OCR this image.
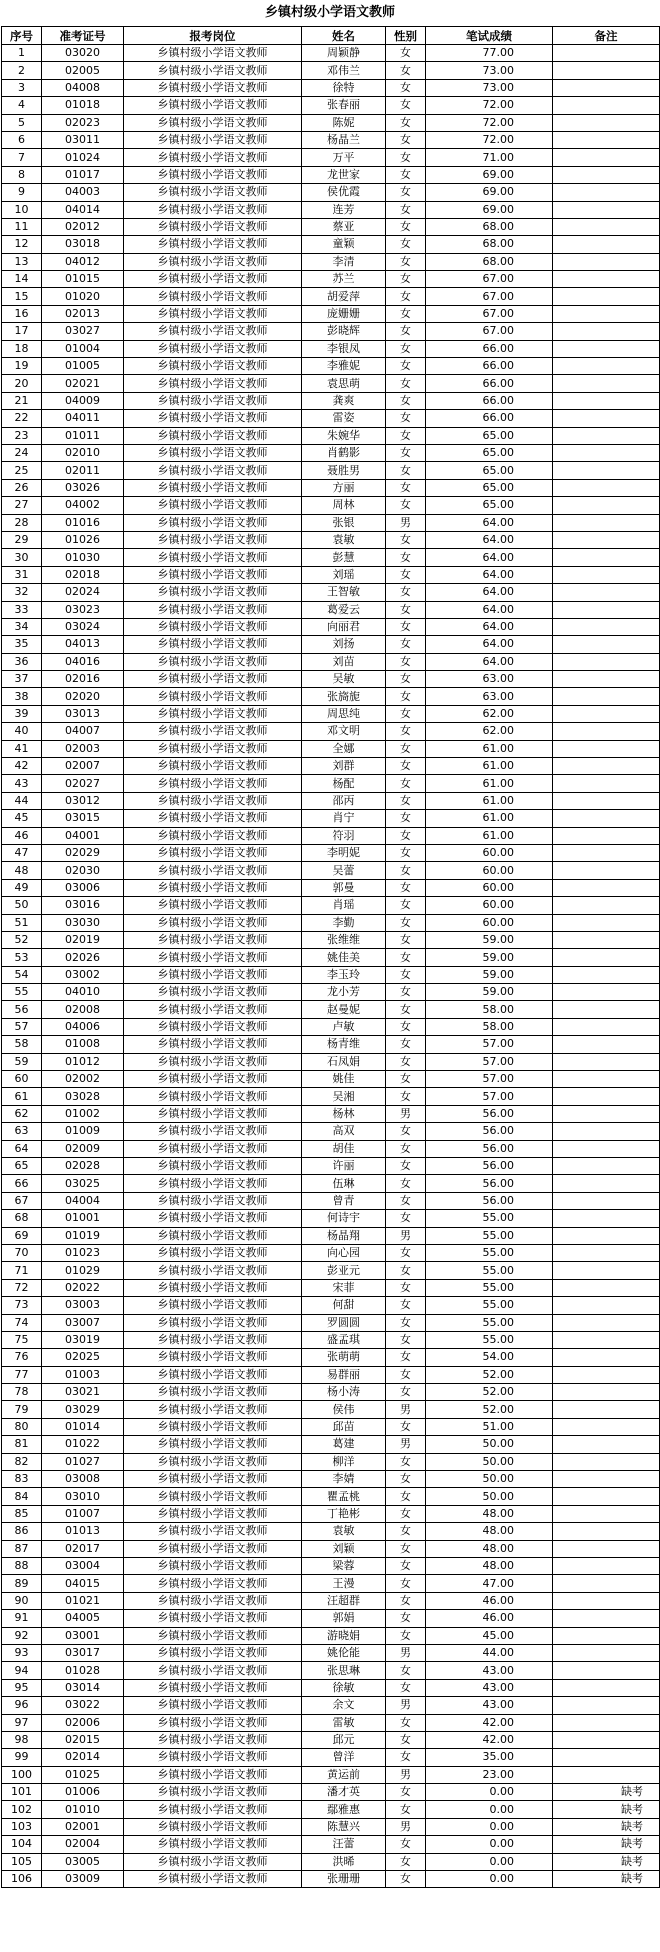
乡镇村级小学语文教师
序号	准考证号	报考岗位	姓名	性别	笔试成绩	备注
1	03020	乡镇村级小学语文教师	周颖静	女	77.00	
2	02005	乡镇村级小学语文教师	邓伟兰	女	73.00	
3	04008	乡镇村级小学语文教师	徐特	女	73.00	
4	01018	乡镇村级小学语文教师	张春丽	女	72.00	
5	02023	乡镇村级小学语文教师	陈妮	女	72.00	
6	03011	乡镇村级小学语文教师	杨晶兰	女	72.00	
7	01024	乡镇村级小学语文教师	万平	女	71.00	
8	01017	乡镇村级小学语文教师	龙世家	女	69.00	
9	04003	乡镇村级小学语文教师	侯优霞	女	69.00	
10	04014	乡镇村级小学语文教师	连芳	女	69.00	
11	02012	乡镇村级小学语文教师	蔡亚	女	68.00	
12	03018	乡镇村级小学语文教师	童颖	女	68.00	
13	04012	乡镇村级小学语文教师	李清	女	68.00	
14	01015	乡镇村级小学语文教师	苏兰	女	67.00	
15	01020	乡镇村级小学语文教师	胡爱萍	女	67.00	
16	02013	乡镇村级小学语文教师	庞姗姗	女	67.00	
17	03027	乡镇村级小学语文教师	彭晓辉	女	67.00	
18	01004	乡镇村级小学语文教师	李银凤	女	66.00	
19	01005	乡镇村级小学语文教师	李雅妮	女	66.00	
20	02021	乡镇村级小学语文教师	袁思萌	女	66.00	
21	04009	乡镇村级小学语文教师	龚爽	女	66.00	
22	04011	乡镇村级小学语文教师	雷姿	女	66.00	
23	01011	乡镇村级小学语文教师	朱婉华	女	65.00	
24	02010	乡镇村级小学语文教师	肖鹤影	女	65.00	
25	02011	乡镇村级小学语文教师	聂胜男	女	65.00	
26	03026	乡镇村级小学语文教师	方丽	女	65.00	
27	04002	乡镇村级小学语文教师	周林	女	65.00	
28	01016	乡镇村级小学语文教师	张银	男	64.00	
29	01026	乡镇村级小学语文教师	袁敏	女	64.00	
30	01030	乡镇村级小学语文教师	彭慧	女	64.00	
31	02018	乡镇村级小学语文教师	刘瑶	女	64.00	
32	02024	乡镇村级小学语文教师	王智敏	女	64.00	
33	03023	乡镇村级小学语文教师	葛爱云	女	64.00	
34	03024	乡镇村级小学语文教师	向丽君	女	64.00	
35	04013	乡镇村级小学语文教师	刘扬	女	64.00	
36	04016	乡镇村级小学语文教师	刘苗	女	64.00	
37	02016	乡镇村级小学语文教师	吴敏	女	63.00	
38	02020	乡镇村级小学语文教师	张旖旎	女	63.00	
39	03013	乡镇村级小学语文教师	周思纯	女	62.00	
40	04007	乡镇村级小学语文教师	邓文明	女	62.00	
41	02003	乡镇村级小学语文教师	全娜	女	61.00	
42	02007	乡镇村级小学语文教师	刘群	女	61.00	
43	02027	乡镇村级小学语文教师	杨配	女	61.00	
44	03012	乡镇村级小学语文教师	邵丙	女	61.00	
45	03015	乡镇村级小学语文教师	肖宁	女	61.00	
46	04001	乡镇村级小学语文教师	符羽	女	61.00	
47	02029	乡镇村级小学语文教师	李明妮	女	60.00	
48	02030	乡镇村级小学语文教师	吴蕾	女	60.00	
49	03006	乡镇村级小学语文教师	郭曼	女	60.00	
50	03016	乡镇村级小学语文教师	肖瑶	女	60.00	
51	03030	乡镇村级小学语文教师	李勤	女	60.00	
52	02019	乡镇村级小学语文教师	张维维	女	59.00	
53	02026	乡镇村级小学语文教师	姚佳美	女	59.00	
54	03002	乡镇村级小学语文教师	李玉玲	女	59.00	
55	04010	乡镇村级小学语文教师	龙小芳	女	59.00	
56	02008	乡镇村级小学语文教师	赵曼妮	女	58.00	
57	04006	乡镇村级小学语文教师	卢敏	女	58.00	
58	01008	乡镇村级小学语文教师	杨青维	女	57.00	
59	01012	乡镇村级小学语文教师	石凤娟	女	57.00	
60	02002	乡镇村级小学语文教师	姚佳	女	57.00	
61	03028	乡镇村级小学语文教师	吴湘	女	57.00	
62	01002	乡镇村级小学语文教师	杨林	男	56.00	
63	01009	乡镇村级小学语文教师	高双	女	56.00	
64	02009	乡镇村级小学语文教师	胡佳	女	56.00	
65	02028	乡镇村级小学语文教师	许丽	女	56.00	
66	03025	乡镇村级小学语文教师	伍琳	女	56.00	
67	04004	乡镇村级小学语文教师	曾青	女	56.00	
68	01001	乡镇村级小学语文教师	何诗宇	女	55.00	
69	01019	乡镇村级小学语文教师	杨晶翔	男	55.00	
70	01023	乡镇村级小学语文教师	向心园	女	55.00	
71	01029	乡镇村级小学语文教师	彭亚元	女	55.00	
72	02022	乡镇村级小学语文教师	宋菲	女	55.00	
73	03003	乡镇村级小学语文教师	何甜	女	55.00	
74	03007	乡镇村级小学语文教师	罗圆圆	女	55.00	
75	03019	乡镇村级小学语文教师	盛孟琪	女	55.00	
76	02025	乡镇村级小学语文教师	张萌萌	女	54.00	
77	01003	乡镇村级小学语文教师	易群丽	女	52.00	
78	03021	乡镇村级小学语文教师	杨小涛	女	52.00	
79	03029	乡镇村级小学语文教师	侯伟	男	52.00	
80	01014	乡镇村级小学语文教师	邱苗	女	51.00	
81	01022	乡镇村级小学语文教师	葛建	男	50.00	
82	01027	乡镇村级小学语文教师	柳洋	女	50.00	
83	03008	乡镇村级小学语文教师	李婧	女	50.00	
84	03010	乡镇村级小学语文教师	瞿孟桃	女	50.00	
85	01007	乡镇村级小学语文教师	丁艳彬	女	48.00	
86	01013	乡镇村级小学语文教师	袁敏	女	48.00	
87	02017	乡镇村级小学语文教师	刘颖	女	48.00	
88	03004	乡镇村级小学语文教师	梁蓉	女	48.00	
89	04015	乡镇村级小学语文教师	王漫	女	47.00	
90	01021	乡镇村级小学语文教师	汪超群	女	46.00	
91	04005	乡镇村级小学语文教师	郭娟	女	46.00	
92	03001	乡镇村级小学语文教师	游晓娟	女	45.00	
93	03017	乡镇村级小学语文教师	姚伦能	男	44.00	
94	01028	乡镇村级小学语文教师	张思琳	女	43.00	
95	03014	乡镇村级小学语文教师	徐敏	女	43.00	
96	03022	乡镇村级小学语文教师	余文	男	43.00	
97	02006	乡镇村级小学语文教师	雷敏	女	42.00	
98	02015	乡镇村级小学语文教师	邱元	女	42.00	
99	02014	乡镇村级小学语文教师	曾洋	女	35.00	
100	01025	乡镇村级小学语文教师	黄运前	男	23.00	
101	01006	乡镇村级小学语文教师	潘才英	女	0.00	缺考
102	01010	乡镇村级小学语文教师	鄢雅惠	女	0.00	缺考
103	02001	乡镇村级小学语文教师	陈慧兴	男	0.00	缺考
104	02004	乡镇村级小学语文教师	汪蕾	女	0.00	缺考
105	03005	乡镇村级小学语文教师	洪晞	女	0.00	缺考
106	03009	乡镇村级小学语文教师	张珊珊	女	0.00	缺考
